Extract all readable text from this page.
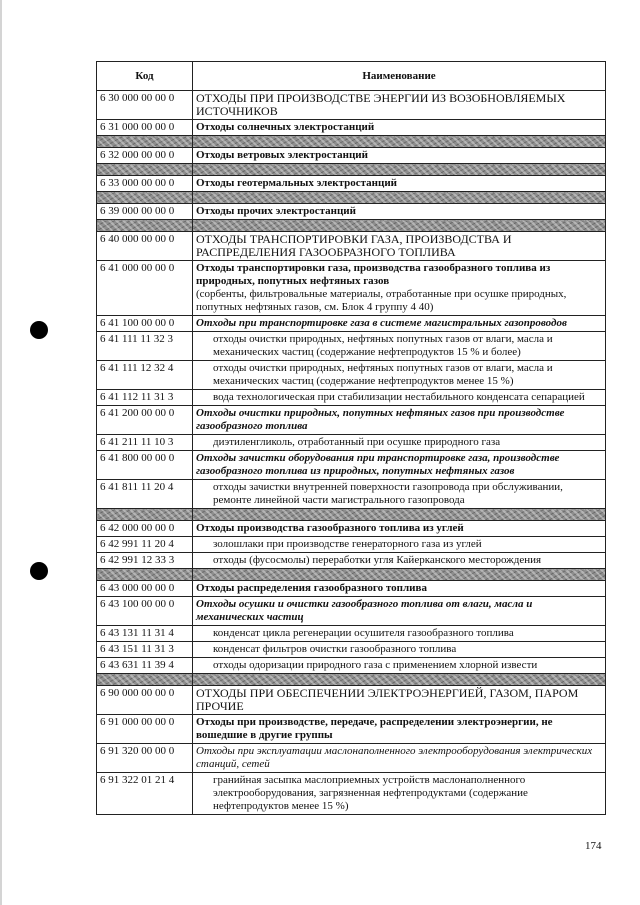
Код	Наименование
6 30 000 00 00 0	ОТХОДЫ ПРИ ПРОИЗВОДСТВЕ ЭНЕРГИИ ИЗ ВОЗОБНОВЛЯЕМЫХ ИСТОЧНИКОВ
6 31 000 00 00 0	Отходы солнечных электростанций

6 32 000 00 00 0	Отходы ветровых электростанций

6 33 000 00 00 0	Отходы геотермальных электростанций

6 39 000 00 00 0	Отходы прочих электростанций

6 40 000 00 00 0	ОТХОДЫ ТРАНСПОРТИРОВКИ ГАЗА, ПРОИЗВОДСТВА И РАСПРЕДЕЛЕНИЯ ГАЗООБРАЗНОГО ТОПЛИВА
6 41 000 00 00 0	Отходы транспортировки газа, производства газообразного топлива из природных, попутных нефтяных газов
(сорбенты, фильтровальные материалы, отработанные при осушке природных, попутных нефтяных газов, см. Блок 4 группу 4 40)

6 41 100 00 00 0	Отходы при транспортировке газа в системе магистральных газопроводов
6 41 111 11 32 3	отходы очистки природных, нефтяных попутных газов от влаги, масла и механических частиц (содержание нефтепродуктов 15 % и более)
6 41 111 12 32 4	отходы очистки природных, нефтяных попутных газов от влаги, масла и механических частиц (содержание нефтепродуктов менее 15 %)
6 41 112 11 31 3	вода технологическая при стабилизации нестабильного конденсата сепарацией
6 41 200 00 00 0	Отходы очистки природных, попутных нефтяных газов при производстве газообразного топлива
6 41 211 11 10 3	диэтиленгликоль, отработанный при осушке природного газа
6 41 800 00 00 0	Отходы зачистки оборудования при транспортировке газа, производстве газообразного топлива из природных, попутных нефтяных газов
6 41 811 11 20 4	отходы зачистки внутренней поверхности газопровода при обслуживании, ремонте линейной части магистрального газопровода

6 42 000 00 00 0	Отходы производства газообразного топлива из углей
6 42 991 11 20 4	золошлаки при производстве генераторного газа из углей
6 42 991 12 33 3	отходы (фусосмолы) переработки угля Кайерканского месторождения

6 43 000 00 00 0	Отходы распределения газообразного топлива
6 43 100 00 00 0	Отходы осушки и очистки газообразного топлива от влаги, масла и механических частиц
6 43 131 11 31 4	конденсат цикла регенерации осушителя газообразного топлива
6 43 151 11 31 3	конденсат фильтров очистки газообразного топлива
6 43 631 11 39 4	отходы одоризации природного газа с применением хлорной извести

6 90 000 00 00 0	ОТХОДЫ ПРИ ОБЕСПЕЧЕНИИ ЭЛЕКТРОЭНЕРГИЕЙ, ГАЗОМ, ПАРОМ ПРОЧИЕ
6 91 000 00 00 0	Отходы при производстве, передаче, распределении электроэнергии, не вошедшие в другие группы
6 91 320 00 00 0	Отходы при эксплуатации маслонаполненного электрооборудования электрических станций, сетей
6 91 322 01 21 4	гранийная засыпка маслоприемных устройств маслонаполненного электрооборудования, загрязненная нефтепродуктами (содержание нефтепродуктов менее 15 %)
174
